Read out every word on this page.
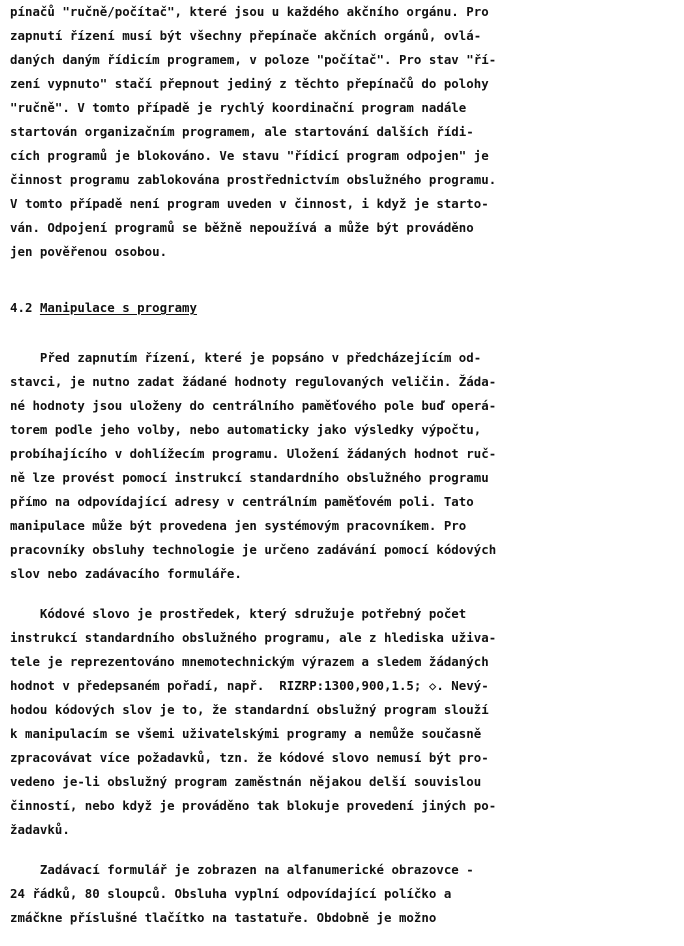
pínačů "ručně/počítač", které jsou u každého akčního orgánu. Pro
zapnutí řízení musí být všechny přepínače akčních orgánů, ovlá-
daných daným řídicím programem, v poloze "počítač". Pro stav "ří-
zení vypnuto" stačí přepnout jediný z těchto přepínačů do polohy
"ručně". V tomto případě je rychlý koordinační program nadále
startován organizačním programem, ale startování dalších řídi-
cích programů je blokováno. Ve stavu "řídicí program odpojen" je
činnost programu zablokována prostřednictvím obslužného programu.
V tomto případě není program uveden v činnost, i když je starto-
ván. Odpojení programů se běžně nepoužívá a může být prováděno
jen pověřenou osobou.
4.2 Manipulace s programy
Před zapnutím řízení, které je popsáno v předcházejícím od-
stavci, je nutno zadat žádané hodnoty regulovaných veličin. Žáda-
né hodnoty jsou uloženy do centrálního paměťového pole buď operá-
torem podle jeho volby, nebo automaticky jako výsledky výpočtu,
probíhajícího v dohlížecím programu. Uložení žádaných hodnot ruč-
ně lze provést pomocí instrukcí standardního obslužného programu
přímo na odpovídající adresy v centrálním paměťovém poli. Tato
manipulace může být provedena jen systémovým pracovníkem. Pro
pracovníky obsluhy technologie je určeno zadávání pomocí kódových
slov nebo zadávacího formuláře.
Kódové slovo je prostředek, který sdružuje potřebný počet
instrukcí standardního obslužného programu, ale z hlediska uživa-
tele je reprezentováno mnemotechnickým výrazem a sledem žádaných
hodnot v předepsaném pořadí, např.  RIZRP:1300,900,1.5; ◇. Nevý-
hodou kódových slov je to, že standardní obslužný program slouží
k manipulacím se všemi uživatelskými programy a nemůže současně
zpracovávat více požadavků, tzn. že kódové slovo nemusí být pro-
vedeno je-li obslužný program zaměstnán nějakou delší souvislou
činností, nebo když je prováděno tak blokuje provedení jiných po-
žadavků.
Zadávací formulář je zobrazen na alfanumerické obrazovce -
24 řádků, 80 sloupců. Obsluha vyplní odpovídající políčko a
zmáčkne příslušné tlačítko na tastatuře. Obdobně je možno
